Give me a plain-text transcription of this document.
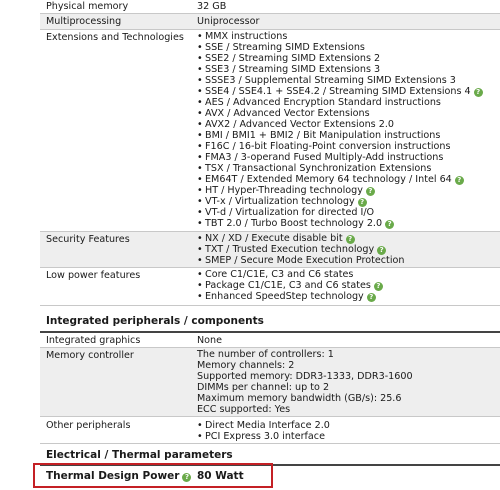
Physical memory	32 GB
Multiprocessing	Uniprocessor
Extensions and Technologies	• MMX instructions
• SSE / Streaming SIMD Extensions
• SSE2 / Streaming SIMD Extensions 2
• SSE3 / Streaming SIMD Extensions 3
• SSSE3 / Supplemental Streaming SIMD Extensions 3
• SSE4 / SSE4.1 + SSE4.2 / Streaming SIMD Extensions 4 ?
• AES / Advanced Encryption Standard instructions
• AVX / Advanced Vector Extensions
• AVX2 / Advanced Vector Extensions 2.0
• BMI / BMI1 + BMI2 / Bit Manipulation instructions
• F16C / 16-bit Floating-Point conversion instructions
• FMA3 / 3-operand Fused Multiply-Add instructions
• TSX / Transactional Synchronization Extensions
• EM64T / Extended Memory 64 technology / Intel 64 ?
• HT / Hyper-Threading technology ?
• VT-x / Virtualization technology ?
• VT-d / Virtualization for directed I/O
• TBT 2.0 / Turbo Boost technology 2.0 ?
Security Features	• NX / XD / Execute disable bit ?
• TXT / Trusted Execution technology ?
• SMEP / Secure Mode Execution Protection
Low power features	• Core C1/C1E, C3 and C6 states
• Package C1/C1E, C3 and C6 states ?
• Enhanced SpeedStep technology ?
Integrated peripherals / components
Integrated graphics	None
Memory controller	The number of controllers: 1
Memory channels: 2
Supported memory: DDR3-1333, DDR3-1600
DIMMs per channel: up to 2
Maximum memory bandwidth (GB/s): 25.6
ECC supported: Yes
Other peripherals	• Direct Media Interface 2.0
• PCI Express 3.0 interface
Electrical / Thermal parameters
Thermal Design Power ? 80 Watt
